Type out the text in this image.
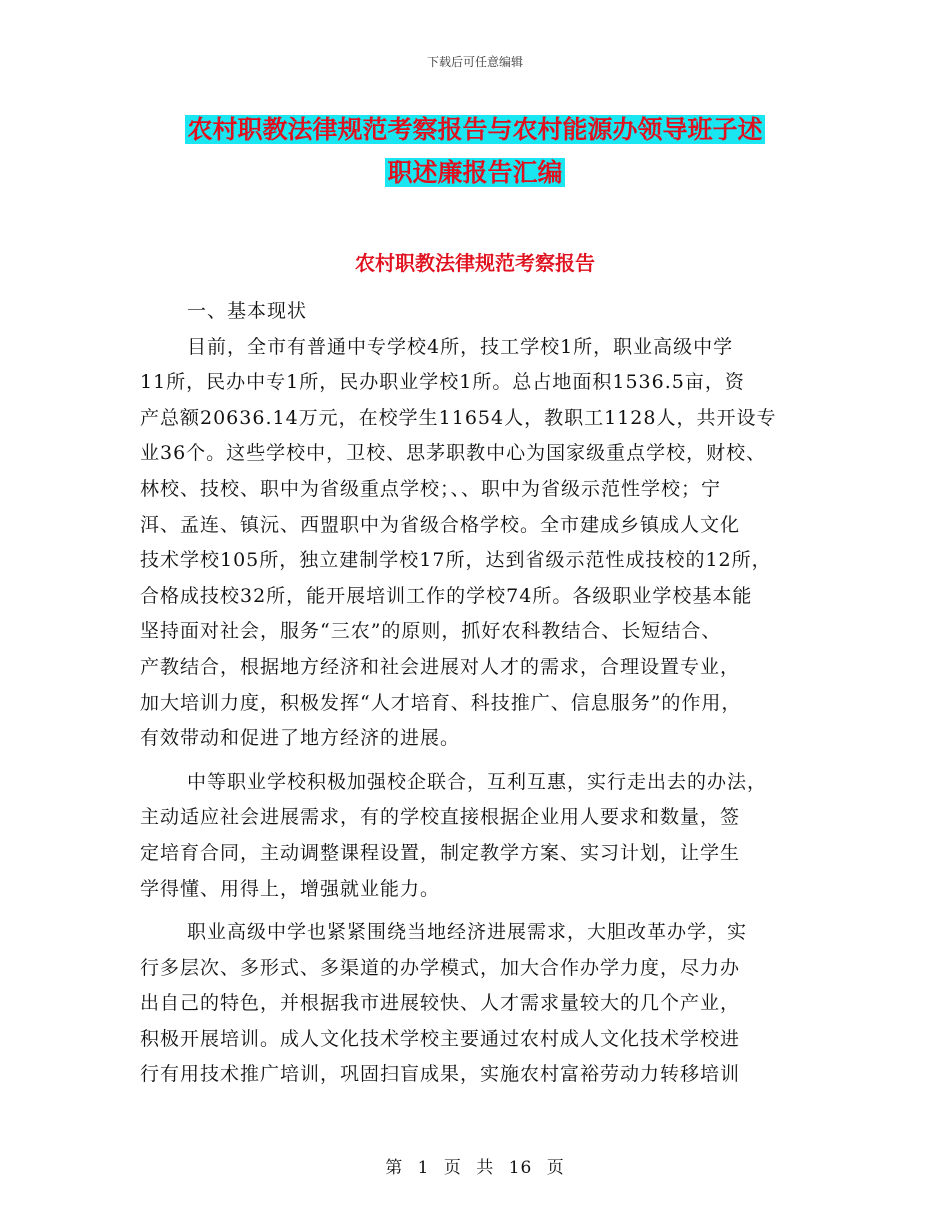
下载后可任意编辑
农村职教法律规范考察报告与农村能源办领导班子述
职述廉报告汇编
农村职教法律规范考察报告
一、基本现状
目前，全市有普通中专学校4所，技工学校1所，职业高级中学
11所，民办中专1所，民办职业学校1所。总占地面积1536.5亩，资
产总额20636.14万元，在校学生11654人，教职工1128人，共开设专
业36个。这些学校中，卫校、思茅职教中心为国家级重点学校，财校、
林校、技校、职中为省级重点学校；、、职中为省级示范性学校；宁
洱、孟连、镇沅、西盟职中为省级合格学校。全市建成乡镇成人文化
技术学校105所，独立建制学校17所，达到省级示范性成技校的12所，
合格成技校32所，能开展培训工作的学校74所。各级职业学校基本能
坚持面对社会，服务“三农”的原则，抓好农科教结合、长短结合、
产教结合，根据地方经济和社会进展对人才的需求，合理设置专业，
加大培训力度，积极发挥“人才培育、科技推广、信息服务”的作用，
有效带动和促进了地方经济的进展。
中等职业学校积极加强校企联合，互利互惠，实行走出去的办法，
主动适应社会进展需求，有的学校直接根据企业用人要求和数量，签
定培育合同，主动调整课程设置，制定教学方案、实习计划，让学生
学得懂、用得上，增强就业能力。
职业高级中学也紧紧围绕当地经济进展需求，大胆改革办学，实
行多层次、多形式、多渠道的办学模式，加大合作办学力度，尽力办
出自己的特色，并根据我市进展较快、人才需求量较大的几个产业，
积极开展培训。成人文化技术学校主要通过农村成人文化技术学校进
行有用技术推广培训，巩固扫盲成果，实施农村富裕劳动力转移培训
第 1 页 共 16 页
